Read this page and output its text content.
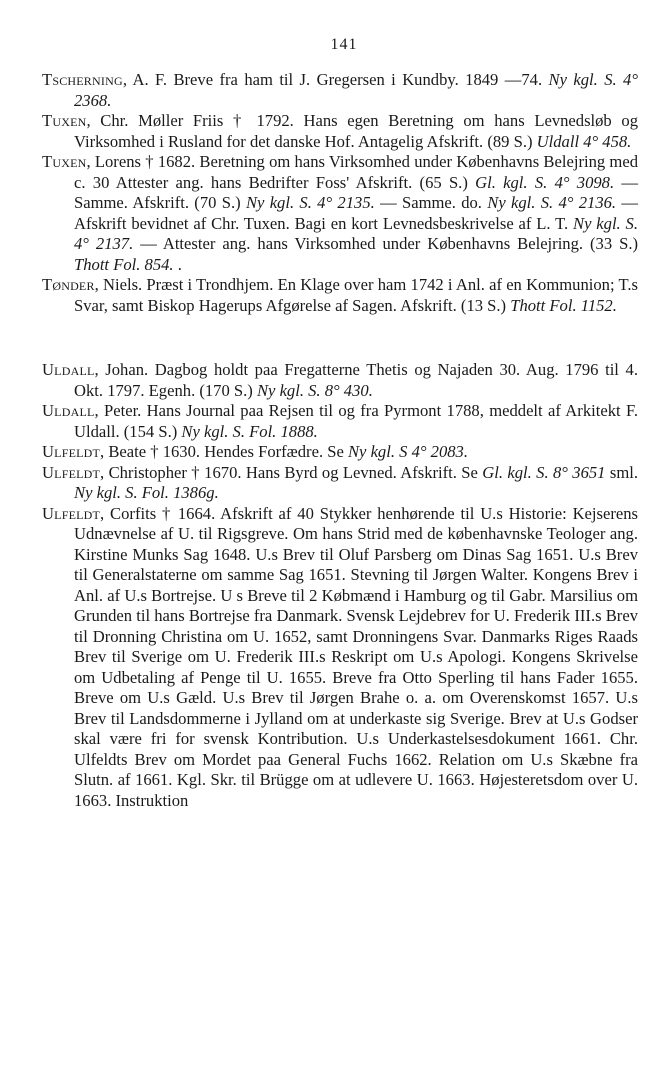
141

Tscherning, A. F. Breve fra ham til J. Gregersen i Kundby. 1849 —74. Ny kgl. S. 4° 2368.

Tuxen, Chr. Møller Friis † 1792. Hans egen Beretning om hans Levnedsløb og Virksomhed i Rusland for det danske Hof. Antagelig Afskrift. (89 S.) Uldall 4° 458.

Tuxen, Lorens † 1682. Beretning om hans Virksomhed under Københavns Belejring med c. 30 Attester ang. hans Bedrifter Foss' Afskrift. (65 S.) Gl. kgl. S. 4° 3098. — Samme. Afskrift. (70 S.) Ny kgl. S. 4° 2135. — Samme. do. Ny kgl. S. 4° 2136. — Afskrift bevidnet af Chr. Tuxen. Bagi en kort Levnedsbeskrivelse af L. T. Ny kgl. S. 4° 2137. — Attester ang. hans Virksomhed under Københavns Belejring. (33 S.) Thott Fol. 854. .

Tønder, Niels. Præst i Trondhjem. En Klage over ham 1742 i Anl. af en Kommunion; T.s Svar, samt Biskop Hagerups Afgørelse af Sagen. Afskrift. (13 S.) Thott Fol. 1152.

Uldall, Johan. Dagbog holdt paa Fregatterne Thetis og Najaden 30. Aug. 1796 til 4. Okt. 1797. Egenh. (170 S.) Ny kgl. S. 8° 430.

Uldall, Peter. Hans Journal paa Rejsen til og fra Pyrmont 1788, meddelt af Arkitekt F. Uldall. (154 S.) Ny kgl. S. Fol. 1888.

Ulfeldt, Beate † 1630. Hendes Forfædre. Se Ny kgl. S 4° 2083.

Ulfeldt, Christopher † 1670. Hans Byrd og Levned. Afskrift. Se Gl. kgl. S. 8° 3651 sml. Ny kgl. S. Fol. 1386g.

Ulfeldt, Corfits † 1664. Afskrift af 40 Stykker henhørende til U.s Historie: Kejserens Udnævnelse af U. til Rigsgreve. Om hans Strid med de københavnske Teologer ang. Kirstine Munks Sag 1648. U.s Brev til Oluf Parsberg om Dinas Sag 1651. U.s Brev til Generalstaterne om samme Sag 1651. Stevning til Jørgen Walter. Kongens Brev i Anl. af U.s Bortrejse. U s Breve til 2 Købmænd i Hamburg og til Gabr. Marsilius om Grunden til hans Bortrejse fra Danmark. Svensk Lejdebrev for U. Frederik III.s Brev til Dronning Christina om U. 1652, samt Dronningens Svar. Danmarks Riges Raads Brev til Sverige om U. Frederik III.s Reskript om U.s Apologi. Kongens Skrivelse om Udbetaling af Penge til U. 1655. Breve fra Otto Sperling til hans Fader 1655. Breve om U.s Gæld. U.s Brev til Jørgen Brahe o. a. om Overenskomst 1657. U.s Brev til Landsdommerne i Jylland om at underkaste sig Sverige. Brev at U.s Godser skal være fri for svensk Kontribution. U.s Underkastelsesdokument 1661. Chr. Ulfeldts Brev om Mordet paa General Fuchs 1662. Relation om U.s Skæbne fra Slutn. af 1661. Kgl. Skr. til Brügge om at udlevere U. 1663. Højesteretsdom over U. 1663. Instruktion
